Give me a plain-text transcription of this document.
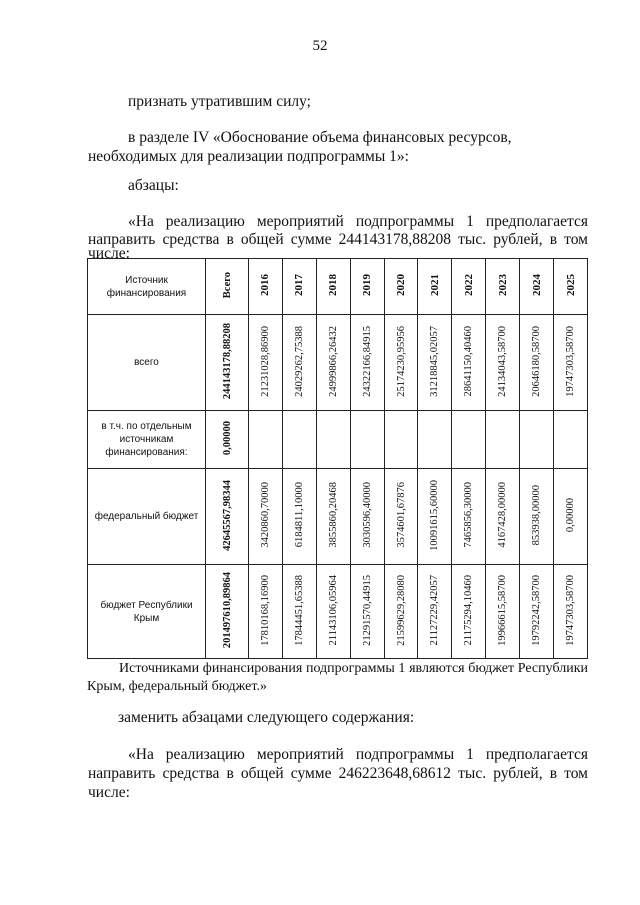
52
признать утратившим силу;
в разделе IV «Обоснование объема финансовых ресурсов,
необходимых для реализации подпрограммы 1»:
абзацы:
«На реализацию мероприятий подпрограммы 1 предполагается
направить средства в общей сумме 244143178,88208 тыс. рублей, в том
числе:
Источник финансирования	Всего	2016	2017	2018	2019	2020	2021	2022	2023	2024	2025
всего	244143178,88208	21231028,86900	24029262,75388	24999866,26432	24322166,84915	25174230,95956	31218845,02057	28641150,40460	24134043,58700	20646180,58700	19747303,58700
в т.ч. по отдельным источникам финансирования:	0,00000										
федеральный бюджет	42645567,98344	3420860,70000	6184811,10000	3855860,20468	3030596,40000	3574601,67876	10091615,60000	7465856,30000	4167428,00000	853938,00000	0,00000
бюджет Республики Крым	201497610,89864	17810168,16900	17844451,65388	21143106,05964	21291570,44915	21599629,28080	21127229,42057	21175294,10460	19966615,58700	19792242,58700	19747303,58700
Источниками финансирования подпрограммы 1 являются бюджет Республики
Крым, федеральный бюджет.»
заменить абзацами следующего содержания:
«На реализацию мероприятий подпрограммы 1 предполагается
направить средства в общей сумме 246223648,68612 тыс. рублей, в том
числе:
